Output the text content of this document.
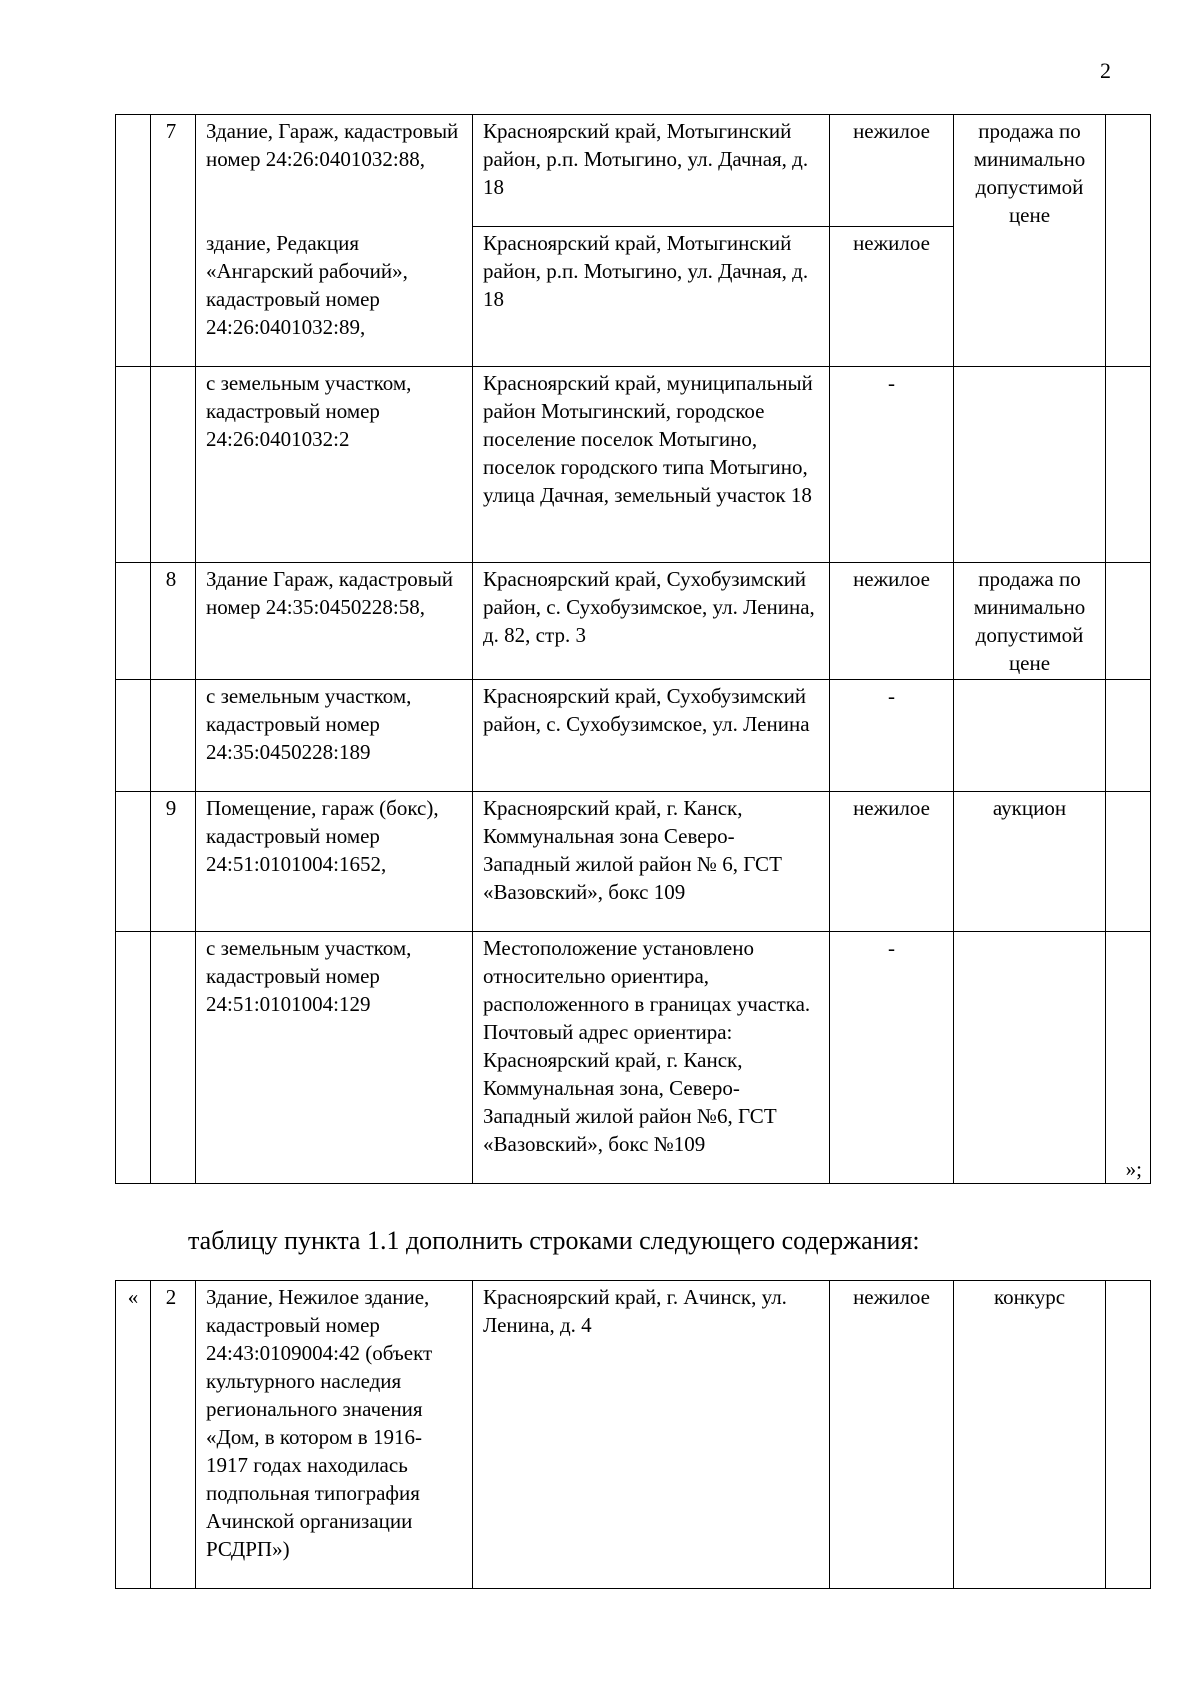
2
	7	Здание, Гараж, кадастровый номер 24:26:0401032:88,	Красноярский край, Мотыгинский район, р.п. Мотыгино, ул. Дачная, д. 18	нежилое	продажа по минимально допустимой цене	
		здание, Редакция «Ангарский рабочий», кадастровый номер 24:26:0401032:89,	Красноярский край, Мотыгинский район, р.п. Мотыгино, ул. Дачная, д. 18	нежилое		
		с земельным участком, кадастровый номер 24:26:0401032:2	Красноярский край, муниципальный район Мотыгинский, городское поселение поселок Мотыгино, поселок городского типа Мотыгино, улица Дачная, земельный участок 18	-		
	8	Здание Гараж, кадастровый номер 24:35:0450228:58,	Красноярский край, Сухобузимский район, с. Сухобузимское, ул. Ленина, д. 82, стр. 3	нежилое	продажа по минимально допустимой цене	
		с земельным участком, кадастровый номер 24:35:0450228:189	Красноярский край, Сухобузимский район, с. Сухобузимское, ул. Ленина	-		
	9	Помещение, гараж (бокс), кадастровый номер 24:51:0101004:1652,	Красноярский край, г. Канск, Коммунальная зона Северо-Западный жилой район № 6, ГСТ «Вазовский», бокс 109	нежилое	аукцион	
		с земельным участком, кадастровый номер 24:51:0101004:129	Местоположение установлено относительно ориентира, расположенного в границах участка. Почтовый адрес ориентира: Красноярский край, г. Канск, Коммунальная зона, Северо-Западный жилой район №6, ГСТ «Вазовский», бокс №109	-		»;
таблицу пункта 1.1 дополнить строками следующего содержания:
«	2	Здание, Нежилое здание, кадастровый номер 24:43:0109004:42 (объект культурного наследия регионального значения «Дом, в котором в 1916-1917 годах находилась подпольная типография Ачинской организации РСДРП»)	Красноярский край, г. Ачинск, ул. Ленина, д. 4	нежилое	конкурс	
